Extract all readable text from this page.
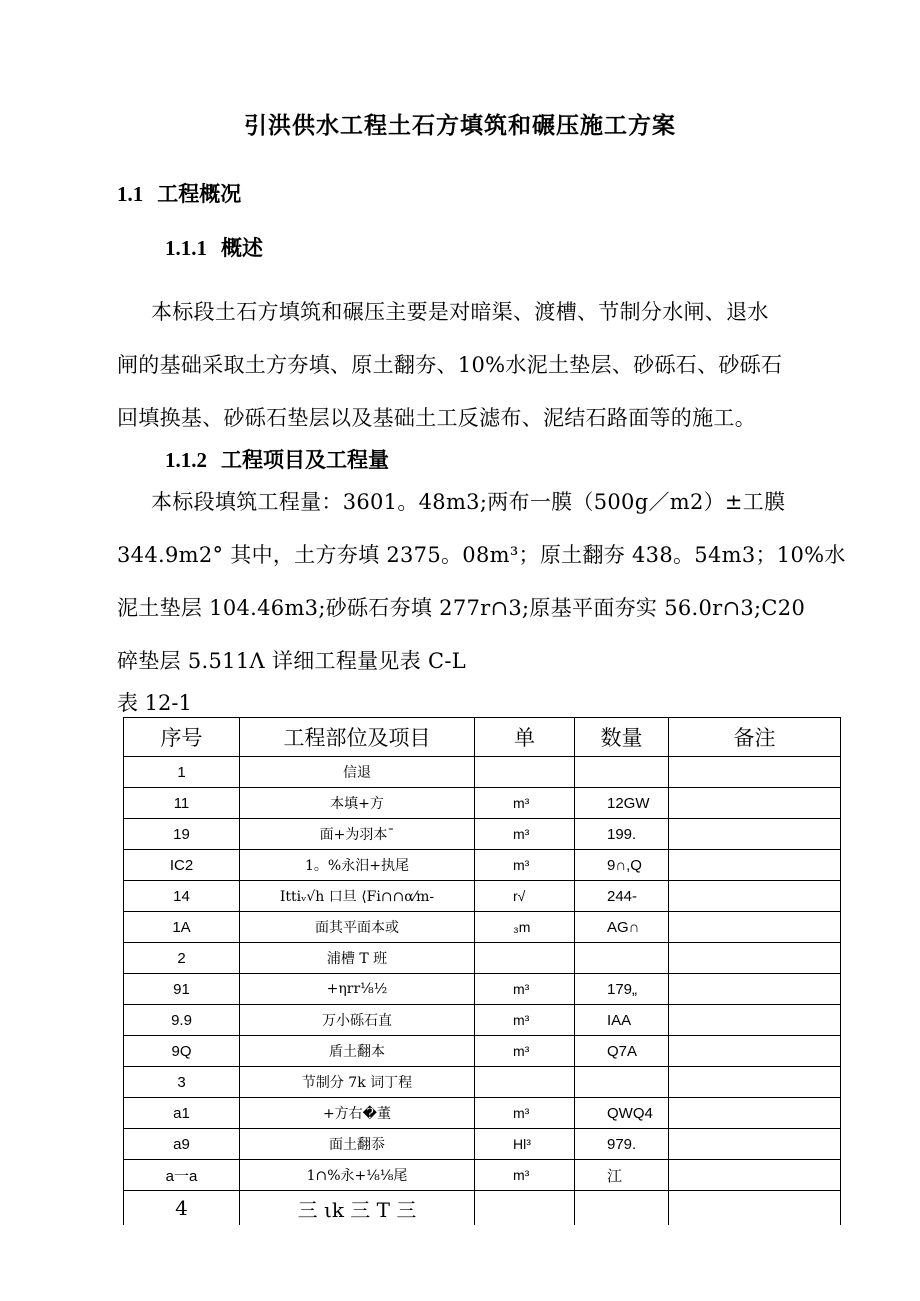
引洪供水工程土石方填筑和碾压施工方案
1.1 工程概况
1.1.1 概述
本标段土石方填筑和碾压主要是对暗渠、渡槽、节制分水闸、退水
闸的基础采取土方夯填、原土翻夯、10%水泥土垫层、砂砾石、砂砾石
回填换基、砂砾石垫层以及基础土工反滤布、泥结石路面等的施工。
1.1.2 工程项目及工程量
本标段填筑工程量：3601。48m3;两布一膜（500g／m2）±工膜
344.9m2° 其中，土方夯填 2375。08m³；原土翻夯 438。54m3；10%水
泥土垫层 104.46m3;砂砾石夯填 277r∩3;原基平面夯实 56.0r∩3;C20
碎垫层 5.511Λ 详细工程量见表 C-L
表 12-1
序号	工程部位及项目	单	数量	备注
1	信退			
11	本填+方	m³	12GW	
19	面+为羽本ˉ	m³	199.	
IC2	1。%永汨+执尾	m³	9∩,Q	
14	Ittiᵥ√h 口旦 ⟨Fi∩∩α⁄m-	r√	244-	
1A	面其平面本或	₃m	AG∩	
2	浦槽 T 班			
91	+ηrr⅛½	m³	179„	
9.9	万小砾石直	m³	IAA	
9Q	盾土翻本	m³	Q7A	
3	节制分 7k 词丁程			
a1	+方右�董	m³	QWQ4	
a9	面土翻忝	Hl³	979.	
a一a	1∩%永+⅛⅛尾	m³	江	
4	三 ιk 三 T 三			
